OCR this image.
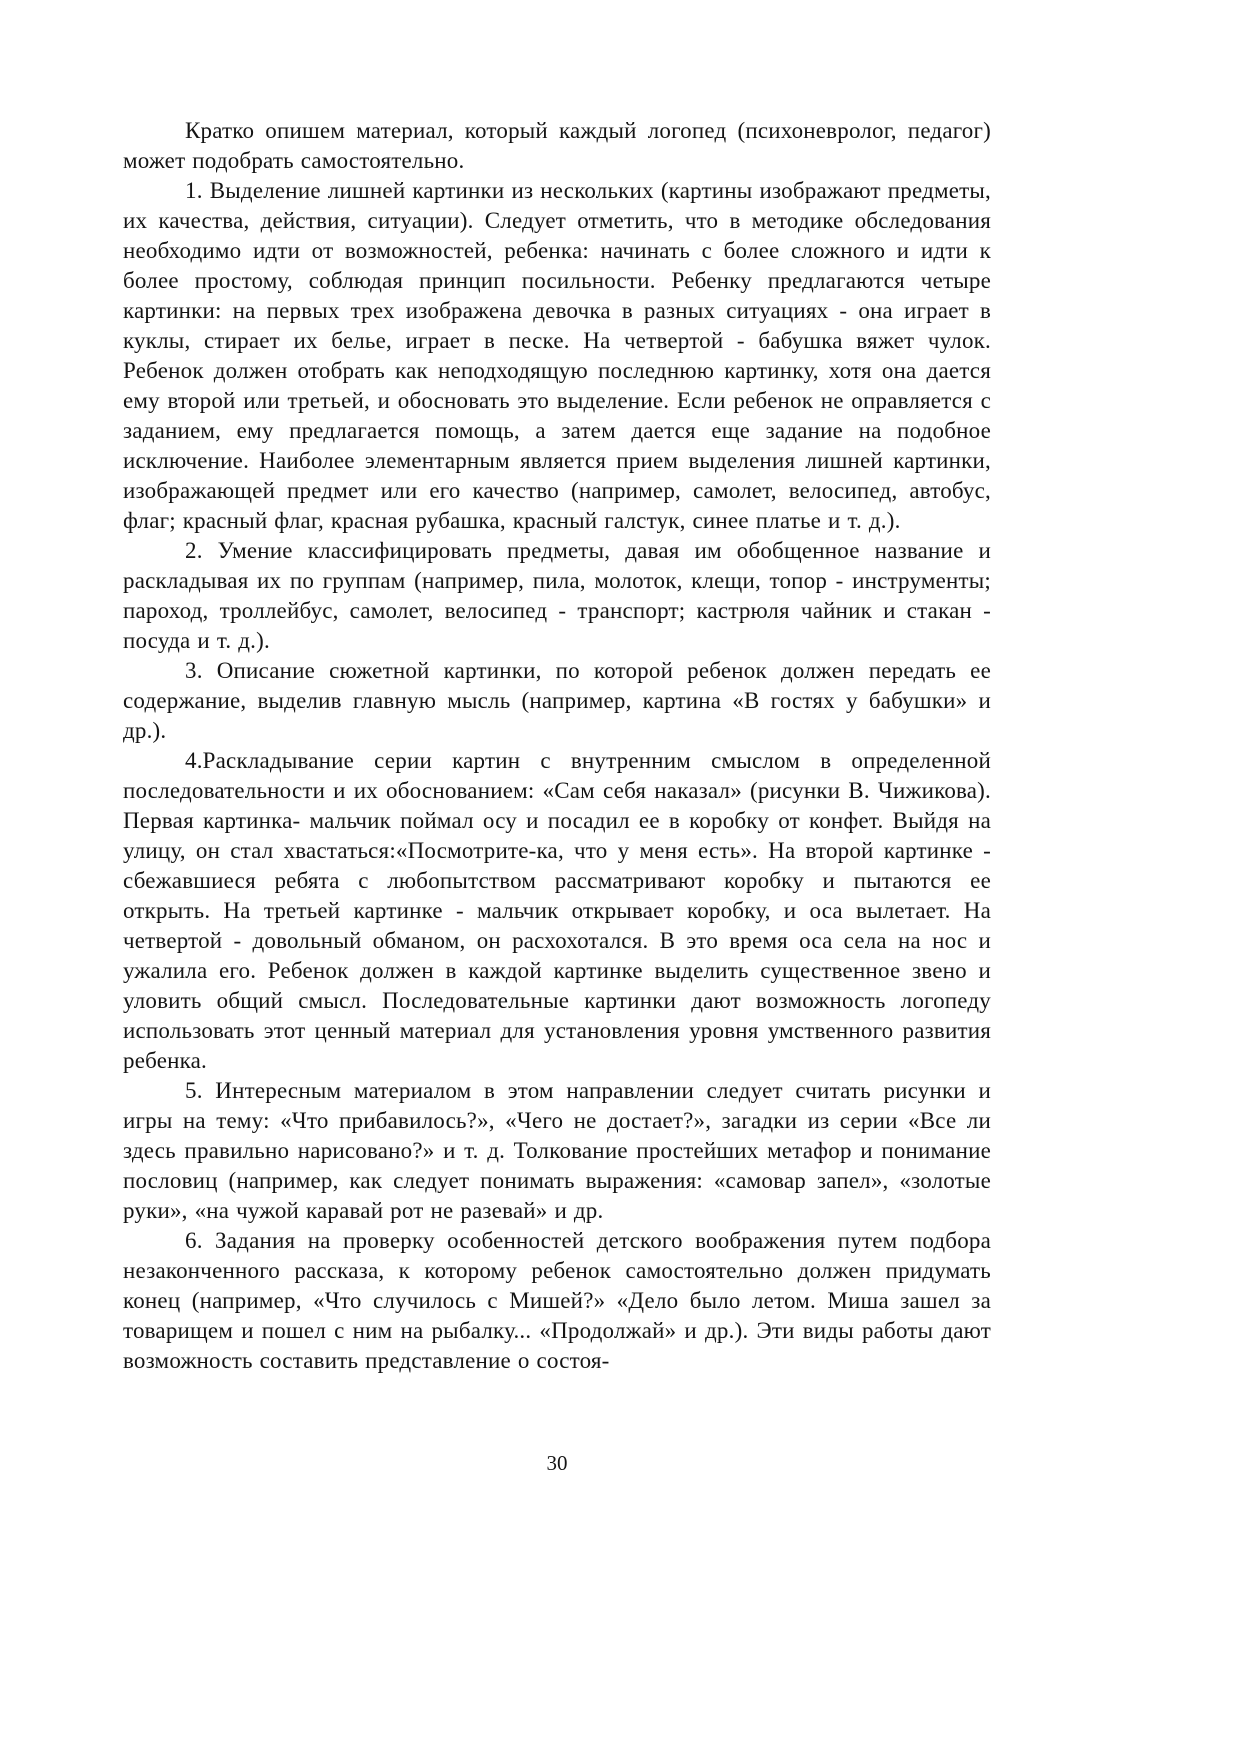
Кратко опишем материал, который каждый логопед (психоневролог, педагог) может подобрать самостоятельно.

1. Выделение лишней картинки из нескольких (картины изображают предметы, их качества, действия, ситуации). Следует отметить, что в методике обследования необходимо идти от возможностей, ребенка: начинать с более сложного и идти к более простому, соблюдая принцип посильности. Ребенку предлагаются четыре картинки: на первых трех изображена девочка в разных ситуациях - она играет в куклы, стирает их белье, играет в песке. На четвертой - бабушка вяжет чулок. Ребенок должен отобрать как неподходящую последнюю картинку, хотя она дается ему второй или третьей, и обосновать это выделение. Если ребенок не оправляется с заданием, ему предлагается помощь, а затем дается еще задание на подобное исключение. Наиболее элементарным является прием выделения лишней картинки, изображающей предмет или его качество (например, самолет, велосипед, автобус, флаг; красный флаг, красная рубашка, красный галстук, синее платье и т. д.).

2. Умение классифицировать предметы, давая им обобщенное название и раскладывая их по группам (например, пила, молоток, клещи, топор - инструменты; пароход, троллейбус, самолет, велосипед - транспорт; кастрюля чайник и стакан - посуда и т. д.).

3. Описание сюжетной картинки, по которой ребенок должен передать ее содержание, выделив главную мысль (например, картина «В гостях у бабушки» и др.).

4.Раскладывание серии картин с внутренним смыслом в определенной последовательности и их обоснованием: «Сам себя наказал» (рисунки В. Чижикова). Первая картинка- мальчик поймал осу и посадил ее в коробку от конфет. Выйдя на улицу, он стал хвастаться:«Посмотрите-ка, что у меня есть». На второй картинке - сбежавшиеся ребята с любопытством рассматривают коробку и пытаются ее открыть. На третьей картинке - мальчик открывает коробку, и оса вылетает. На четвертой - довольный обманом, он расхохотался. В это время оса села на нос и ужалила его. Ребенок должен в каждой картинке выделить существенное звено и уловить общий смысл. Последовательные картинки дают возможность логопеду использовать этот ценный материал для установления уровня умственного развития ребенка.

5. Интересным материалом в этом направлении следует считать рисунки и игры на тему: «Что прибавилось?», «Чего не достает?», загадки из серии «Все ли здесь правильно нарисовано?» и т. д. Толкование простейших метафор и понимание пословиц (например, как следует понимать выражения: «самовар запел», «золотые руки», «на чужой каравай рот не разевай» и др.

6. Задания на проверку особенностей детского воображения путем подбора незаконченного рассказа, к которому ребенок самостоятельно должен придумать конец (например, «Что случилось с Мишей?» «Дело было летом. Миша зашел за товарищем и пошел с ним на рыбалку... «Продолжай» и др.). Эти виды работы дают возможность составить представление о состоя-

30
